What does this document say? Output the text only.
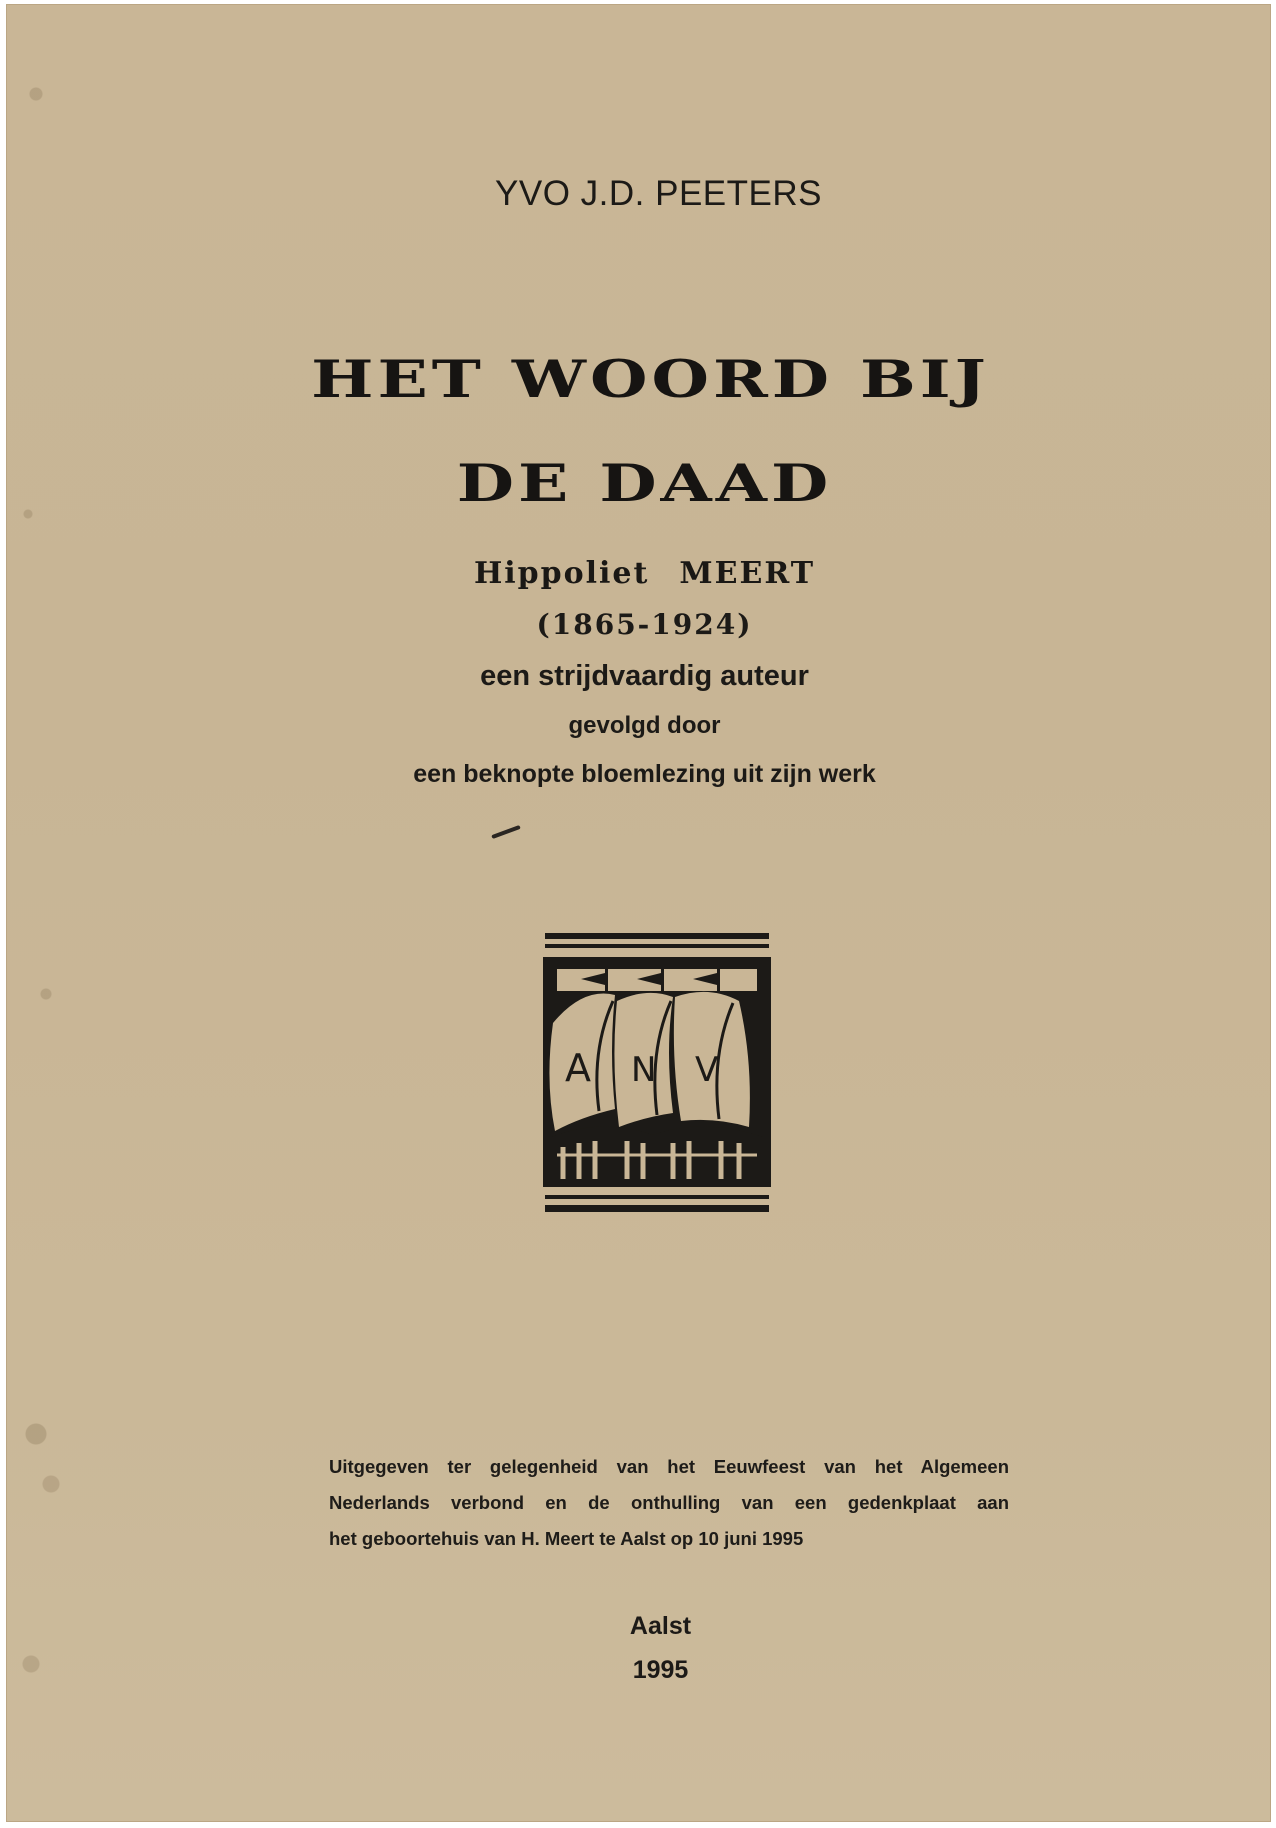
YVO J.D. PEETERS
HET WOORD BIJ
DE DAAD
Hippoliet MEERT
(1865-1924)
een strijdvaardig auteur
gevolgd door
een beknopte bloemlezing uit zijn werk
A N V
Uitgegeven ter gelegenheid van het Eeuwfeest van het Algemeen
Nederlands verbond en de onthulling van een gedenkplaat aan
het geboortehuis van H. Meert te Aalst op 10 juni 1995
Aalst
1995
